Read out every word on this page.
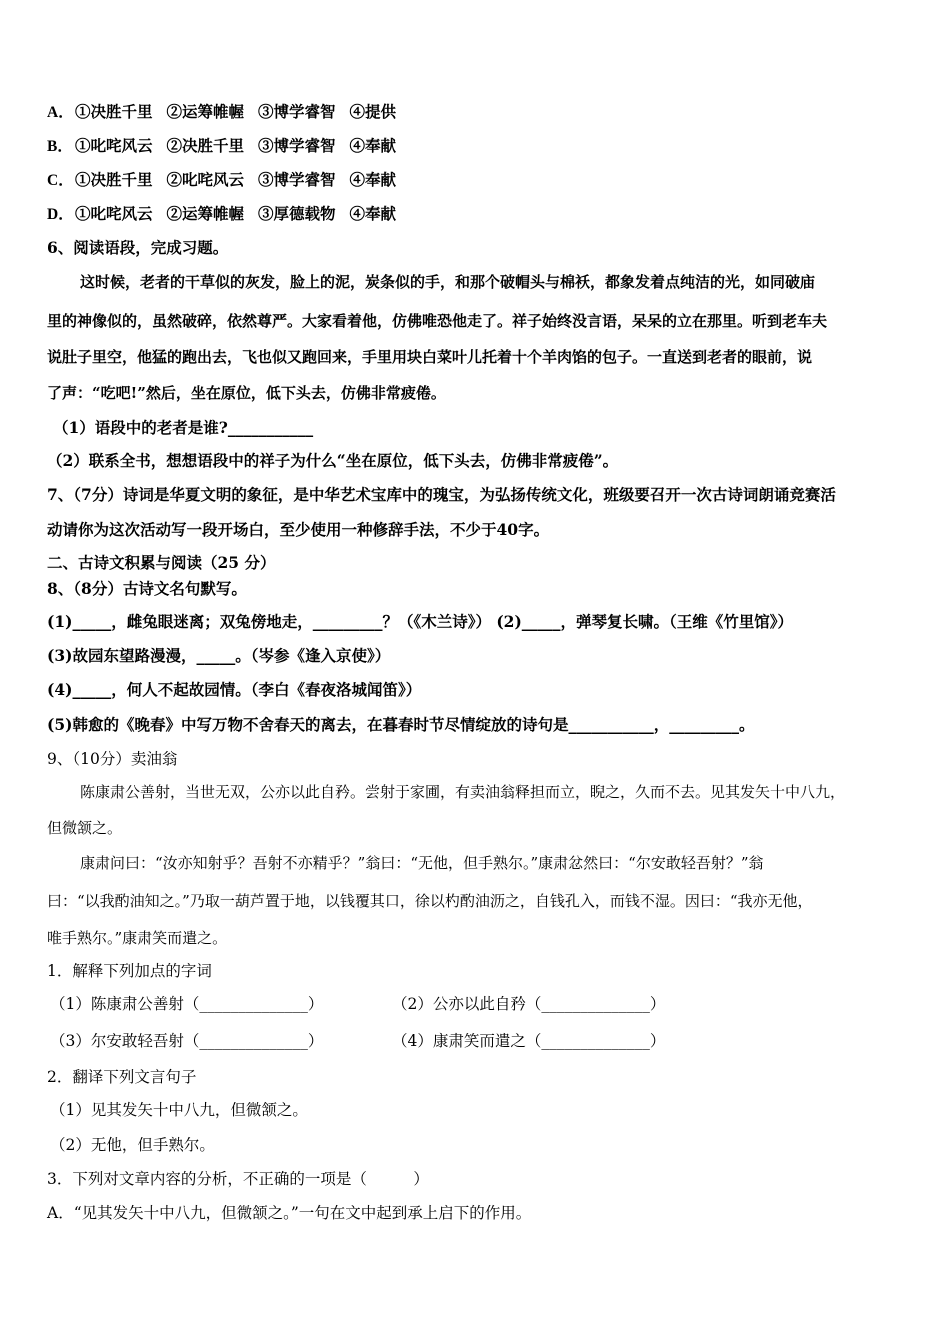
A．①决胜千里 ②运筹帷幄 ③博学睿智 ④提供
B． ①叱咤风云 ②决胜千里 ③博学睿智 ④奉献
C．①决胜千里 ②叱咤风云 ③博学睿智 ④奉献
D．①叱咤风云 ②运筹帷幄 ③厚德载物 ④奉献
6、阅读语段，完成习题。
这时候，老者的干草似的灰发，脸上的泥，炭条似的手，和那个破帽头与棉袄，都象发着点纯洁的光，如同破庙
里的神像似的，虽然破碎，依然尊严。大家看着他，仿佛唯恐他走了。祥子始终没言语，呆呆的立在那里。听到老车夫
说肚子里空，他猛的跑出去，飞也似又跑回来，手里用块白菜叶儿托着十个羊肉馅的包子。一直送到老者的眼前，说
了声：“吃吧!”然后，坐在原位，低下头去，仿佛非常疲倦。
（1）语段中的老者是谁?___________
（2）联系全书，想想语段中的祥子为什么“坐在原位，低下头去，仿佛非常疲倦”。
7、（7分）诗词是华夏文明的象征，是中华艺术宝库中的瑰宝，为弘扬传统文化，班级要召开一次古诗词朗诵竞赛活
动请你为这次活动写一段开场白，至少使用一种修辞手法，不少于40字。
二、古诗文积累与阅读（25 分）
8、（8分）古诗文名句默写。
(1)_____，雌兔眼迷离；双兔傍地走，_________？（《木兰诗》） (2)_____，弹琴复长啸。（王维《竹里馆》）
(3)故园东望路漫漫，_____。（岑参《逢入京使》）
(4)_____，何人不起故园情。（李白《春夜洛城闻笛》）
(5)韩愈的《晚春》中写万物不舍春天的离去，在暮春时节尽情绽放的诗句是___________，_________。
9、（10分）卖油翁
陈康肃公善射，当世无双，公亦以此自矜。尝射于家圃，有卖油翁释担而立，睨之，久而不去。见其发矢十中八九，
但微颔之。
康肃问曰：“汝亦知射乎？吾射不亦精乎？”翁曰：“无他，但手熟尔。”康肃忿然曰：“尔安敢轻吾射？”翁
曰：“以我酌油知之。”乃取一葫芦置于地，以钱覆其口，徐以杓酌油沥之，自钱孔入，而钱不湿。因曰：“我亦无他，
唯手熟尔。”康肃笑而遣之。
1．解释下列加点的字词
（1）陈康肃公善射（______________）	（2）公亦以此自矜（______________）
（3）尔安敢轻吾射（______________）	（4）康肃笑而遣之（______________）
2．翻译下列文言句子
（1）见其发矢十中八九，但微颔之。
（2）无他，但手熟尔。
3．下列对文章内容的分析，不正确的一项是（　　　）
A．“见其发矢十中八九，但微颔之。”一句在文中起到承上启下的作用。
